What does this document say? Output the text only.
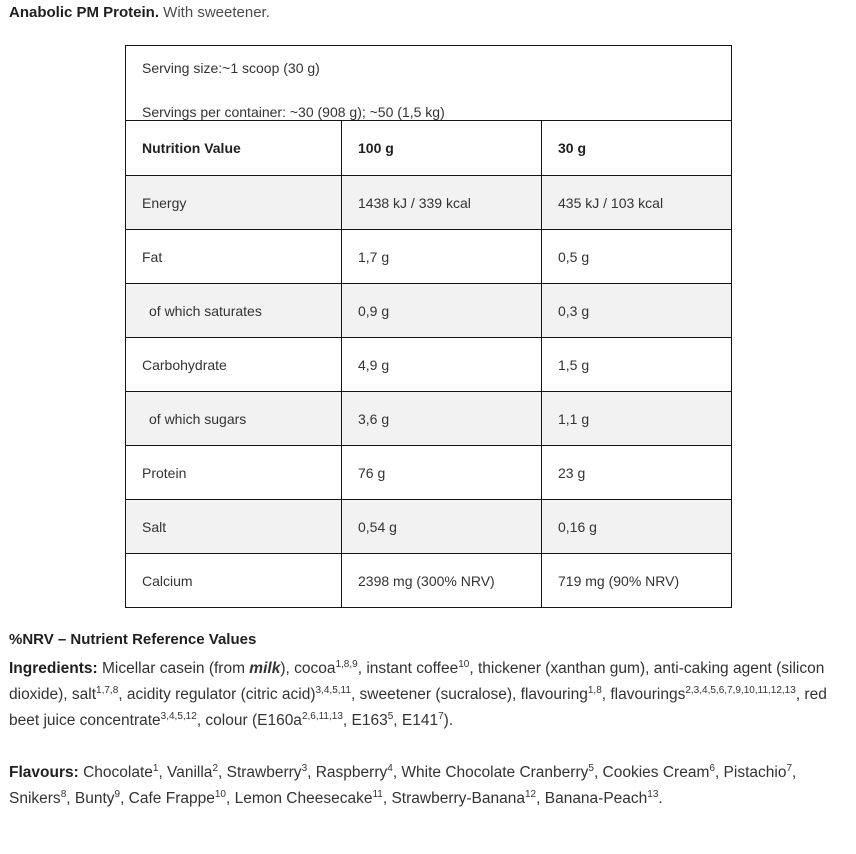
Anabolic PM Protein. With sweetener.

Serving size:~1 scoop (30 g)

Servings per container: ~30 (908 g); ~50 (1,5 kg)		

Nutrition Value	100 g	30 g
Energy	1438 kJ / 339 kcal	435 kJ / 103 kcal
Fat	1,7 g	0,5 g
of which saturates	0,9 g	0,3 g
Carbohydrate	4,9 g	1,5 g
of which sugars	3,6 g	1,1 g
Protein	76 g	23 g
Salt	0,54 g	0,16 g
Calcium	2398 mg (300% NRV)	719 mg (90% NRV)

%NRV – Nutrient Reference Values

Ingredients: Micellar casein (from milk), cocoa$^{1,8,9}$, instant coffee$^{10}$, thickener (xanthan gum), anti-caking agent (silicon dioxide), salt$^{1,7,8}$, acidity regulator (citric acid)$^{3,4,5,11}$, sweetener (sucralose), flavouring$^{1,8}$, flavourings$^{2,3,4,5,6,7,9,10,11,12,13}$, red beet juice concentrate$^{3,4,5,12}$, colour ($E160a^{2,6,11,13}$, $E163^5$, $E141^7$).

Flavours: Chocolate$^1$, Vanilla$^2$, Strawberry$^3$, Raspberry$^4$, White Chocolate Cranberry$^5$, Cookies Cream$^6$, Pistachio$^7$, Snikers$^8$, Bunty$^9$, Cafe Frappe$^{10}$, Lemon Cheesecake$^{11}$, Strawberry-Banana$^{12}$, Banana-Peach$^{13}$.
